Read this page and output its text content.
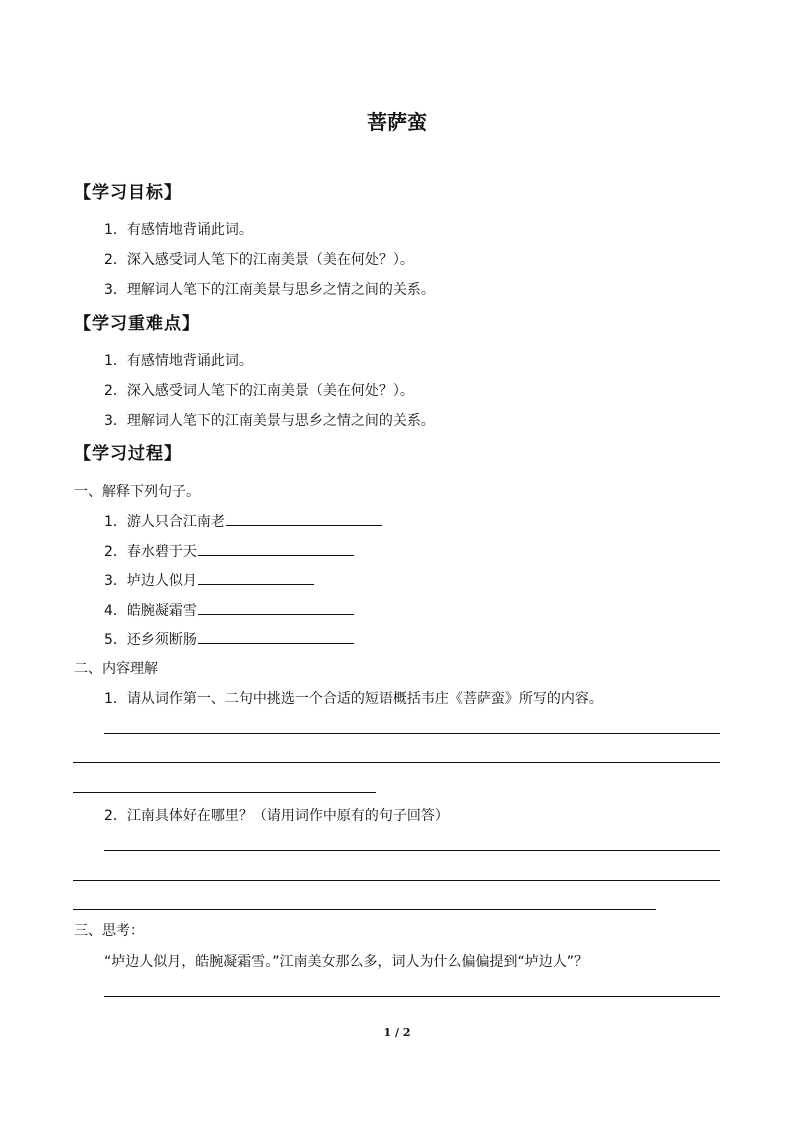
菩萨蛮
【学习目标】
1．有感情地背诵此词。
2．深入感受词人笔下的江南美景（美在何处？）。
3．理解词人笔下的江南美景与思乡之情之间的关系。
【学习重难点】
1．有感情地背诵此词。
2．深入感受词人笔下的江南美景（美在何处？）。
3．理解词人笔下的江南美景与思乡之情之间的关系。
【学习过程】
一、解释下列句子。
1．游人只合江南老
2．春水碧于天
3．垆边人似月
4．皓腕凝霜雪
5．还乡须断肠
二、内容理解
1．请从词作第一、二句中挑选一个合适的短语概括韦庄《菩萨蛮》所写的内容。
2．江南具体好在哪里？（请用词作中原有的句子回答）
三、思考：
“垆边人似月，皓腕凝霜雪。”江南美女那么多，词人为什么偏偏提到“垆边人”？
1 / 2
